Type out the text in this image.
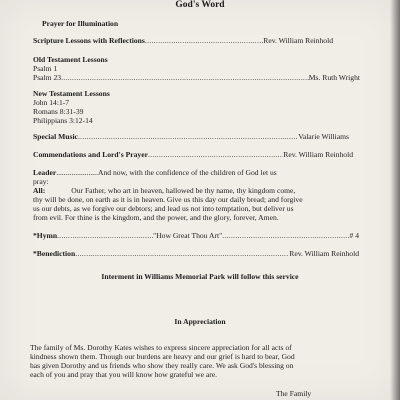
God's Word
Prayer for Illumination
Scripture Lessons with Reflections .....	Rev. William Reinhold
Old Testament Lessons
Psalm 1
Psalm 23 .....	Ms. Ruth Wright
New Testament Lessons
John 14:1-7
Romans 8:31-39
Philippians 3:12-14
Special Music .....	Valarie Williams
Commendations and Lord's Prayer .....	Rev. William Reinhold
Leader......................And now, with the confidence of the children of God let us
pray:
All:	Our Father, who art in heaven, hallowed be thy name, thy kingdom come,
thy will be done, on earth as it is in heaven. Give us this day our daily bread; and forgive
us our debts, as we forgive our debtors; and lead us not into temptation, but deliver us
from evil. For thine is the kingdom, and the power, and the glory, forever, Amen.
*Hymn .....	"How Great Thou Art" .....	# 4
*Benediction .....	Rev. William Reinhold
Interment in Williams Memorial Park will follow this service
In Appreciation
The family of Ms. Dorothy Kates wishes to express sincere appreciation for all acts of
kindness shown them. Though our burdens are heavy and our grief is hard to bear, God
has given Dorothy and us friends who show they really care. We ask God's blessing on
each of you and pray that you will know how grateful we are.
The Family
